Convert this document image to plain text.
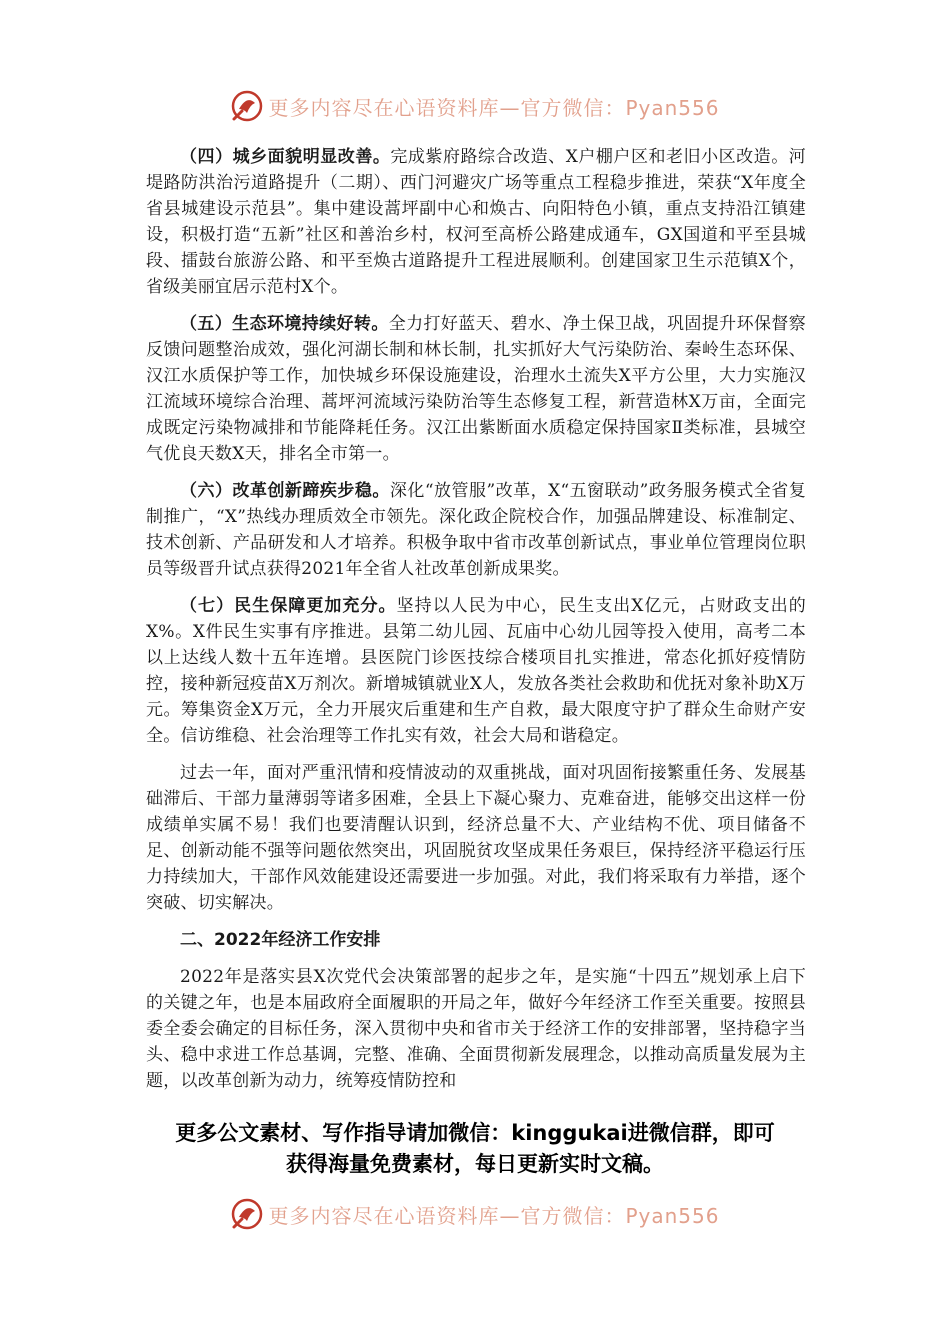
更多内容尽在心语资料库—官方微信：Pyan556

（四）城乡面貌明显改善。完成紫府路综合改造、X户棚户区和老旧小区改造。河堤路防洪治污道路提升（二期）、西门河避灾广场等重点工程稳步推进，荣获“X年度全省县城建设示范县”。集中建设蒿坪副中心和焕古、向阳特色小镇，重点支持沿江镇建设，积极打造“五新”社区和善治乡村，权河至高桥公路建成通车，GX国道和平至县城段、擂鼓台旅游公路、和平至焕古道路提升工程进展顺利。创建国家卫生示范镇X个，省级美丽宜居示范村X个。

（五）生态环境持续好转。全力打好蓝天、碧水、净土保卫战，巩固提升环保督察反馈问题整治成效，强化河湖长制和林长制，扎实抓好大气污染防治、秦岭生态环保、汉江水质保护等工作，加快城乡环保设施建设，治理水土流失X平方公里，大力实施汉江流域环境综合治理、蒿坪河流域污染防治等生态修复工程，新营造林X万亩，全面完成既定污染物减排和节能降耗任务。汉江出紫断面水质稳定保持国家Ⅱ类标准，县城空气优良天数X天，排名全市第一。

（六）改革创新蹄疾步稳。深化“放管服”改革，X“五窗联动”政务服务模式全省复制推广，“X”热线办理质效全市领先。深化政企院校合作，加强品牌建设、标准制定、技术创新、产品研发和人才培养。积极争取中省市改革创新试点，事业单位管理岗位职员等级晋升试点获得2021年全省人社改革创新成果奖。

（七）民生保障更加充分。坚持以人民为中心，民生支出X亿元，占财政支出的X%。X件民生实事有序推进。县第二幼儿园、瓦庙中心幼儿园等投入使用，高考二本以上达线人数十五年连增。县医院门诊医技综合楼项目扎实推进，常态化抓好疫情防控，接种新冠疫苗X万剂次。新增城镇就业X人，发放各类社会救助和优抚对象补助X万元。筹集资金X万元，全力开展灾后重建和生产自救，最大限度守护了群众生命财产安全。信访维稳、社会治理等工作扎实有效，社会大局和谐稳定。

过去一年，面对严重汛情和疫情波动的双重挑战，面对巩固衔接繁重任务、发展基础滞后、干部力量薄弱等诸多困难，全县上下凝心聚力、克难奋进，能够交出这样一份成绩单实属不易！我们也要清醒认识到，经济总量不大、产业结构不优、项目储备不足、创新动能不强等问题依然突出，巩固脱贫攻坚成果任务艰巨，保持经济平稳运行压力持续加大，干部作风效能建设还需要进一步加强。对此，我们将采取有力举措，逐个突破、切实解决。

二、2022年经济工作安排

2022年是落实县X次党代会决策部署的起步之年，是实施“十四五”规划承上启下的关键之年，也是本届政府全面履职的开局之年，做好今年经济工作至关重要。按照县委全委会确定的目标任务，深入贯彻中央和省市关于经济工作的安排部署，坚持稳字当头、稳中求进工作总基调，完整、准确、全面贯彻新发展理念，以推动高质量发展为主题，以改革创新为动力，统筹疫情防控和

更多公文素材、写作指导请加微信：kinggukai进微信群，即可
获得海量免费素材，每日更新实时文稿。
更多内容尽在心语资料库—官方微信：Pyan556
